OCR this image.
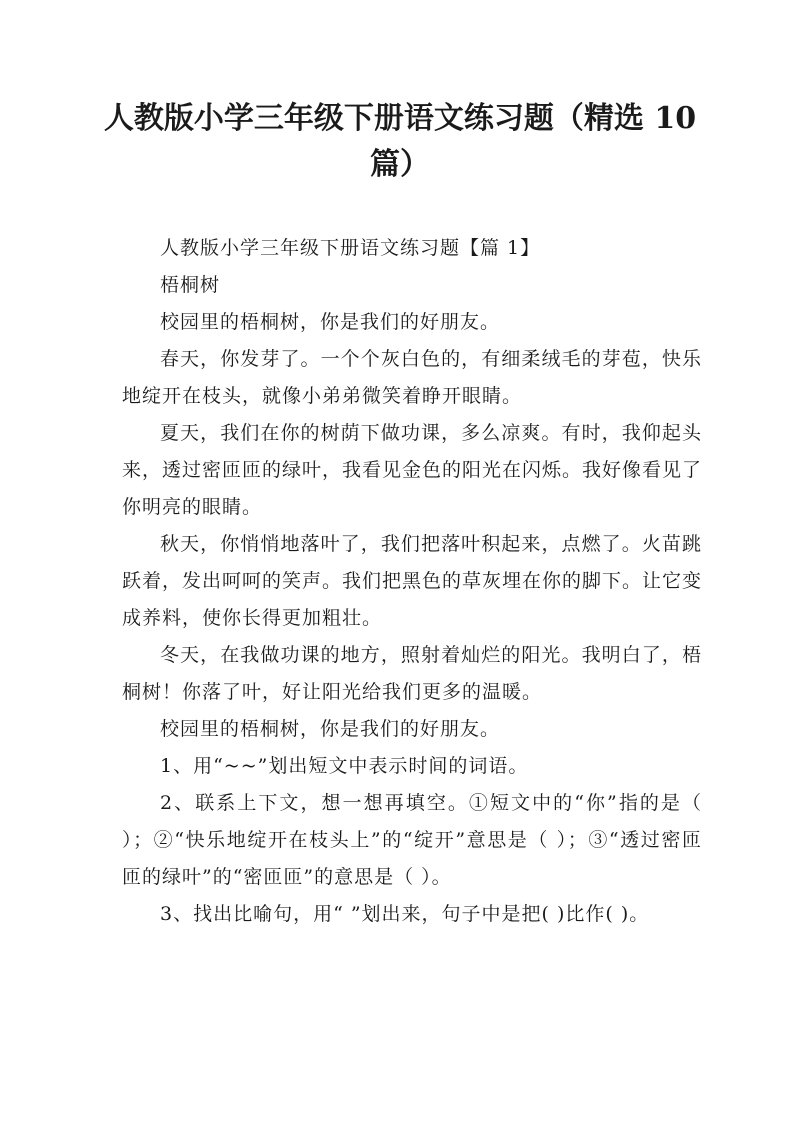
人教版小学三年级下册语文练习题（精选 10 篇）

人教版小学三年级下册语文练习题【篇 1】

梧桐树

校园里的梧桐树，你是我们的好朋友。

春天，你发芽了。一个个灰白色的，有细柔绒毛的芽苞，快乐地绽开在枝头，就像小弟弟微笑着睁开眼睛。

夏天，我们在你的树荫下做功课，多么凉爽。有时，我仰起头来，透过密匝匝的绿叶，我看见金色的阳光在闪烁。我好像看见了你明亮的眼睛。

秋天，你悄悄地落叶了，我们把落叶积起来，点燃了。火苗跳跃着，发出呵呵的笑声。我们把黑色的草灰埋在你的脚下。让它变成养料，使你长得更加粗壮。

冬天，在我做功课的地方，照射着灿烂的阳光。我明白了，梧桐树！你落了叶，好让阳光给我们更多的温暖。

校园里的梧桐树，你是我们的好朋友。

1、用“~~”划出短文中表示时间的词语。

2、联系上下文，想一想再填空。①短文中的“你”指的是（ ）；②“快乐地绽开在枝头上”的“绽开”意思是（ ）；③“透过密匝匝的绿叶”的“密匝匝”的意思是（ ）。

3、找出比喻句，用“ ”划出来，句子中是把( )比作( )。
